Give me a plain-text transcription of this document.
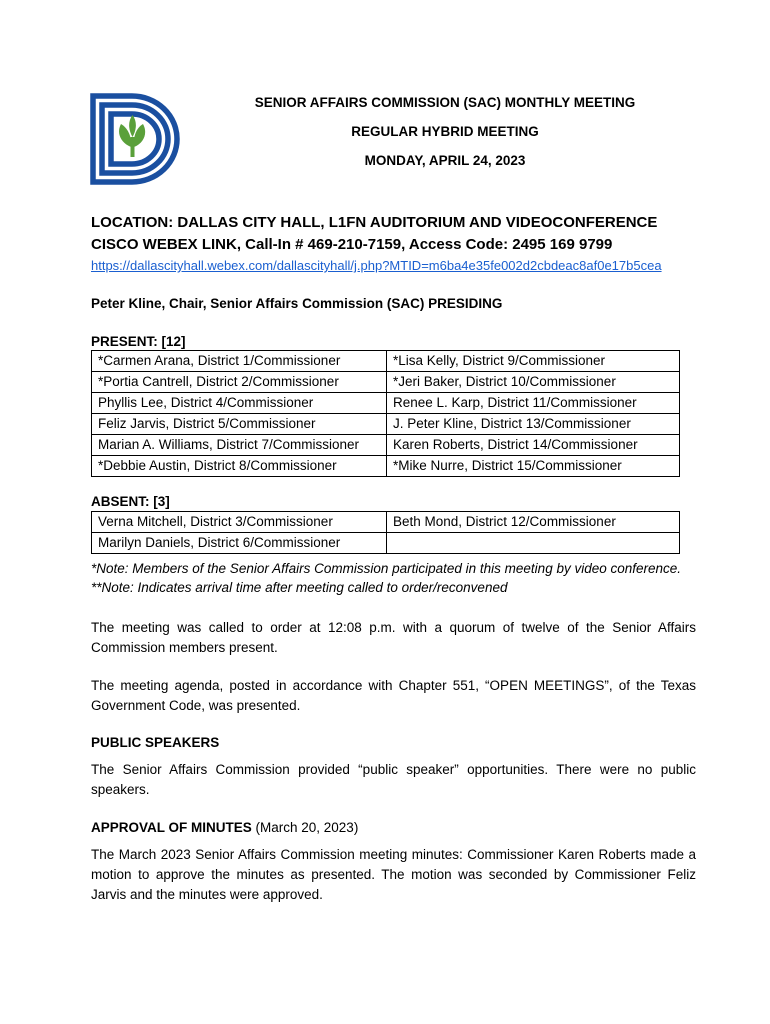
SENIOR AFFAIRS COMMISSION (SAC) MONTHLY MEETING
REGULAR HYBRID MEETING
MONDAY, APRIL 24, 2023
LOCATION: DALLAS CITY HALL, L1FN AUDITORIUM AND VIDEOCONFERENCE
CISCO WEBEX LINK, Call-In # 469-210-7159, Access Code: 2495 169 9799
https://dallascityhall.webex.com/dallascityhall/j.php?MTID=m6ba4e35fe002d2cbdeac8af0e17b5cea
Peter Kline, Chair, Senior Affairs Commission (SAC) PRESIDING
PRESENT: [12]
*Carmen Arana, District 1/Commissioner	*Lisa Kelly, District 9/Commissioner
*Portia Cantrell, District 2/Commissioner	*Jeri Baker, District 10/Commissioner
Phyllis Lee, District 4/Commissioner	Renee L. Karp, District 11/Commissioner
Feliz Jarvis, District 5/Commissioner	J. Peter Kline, District 13/Commissioner
Marian A. Williams, District 7/Commissioner	Karen Roberts, District 14/Commissioner
*Debbie Austin, District 8/Commissioner	*Mike Nurre, District 15/Commissioner
ABSENT: [3]
Verna Mitchell, District 3/Commissioner	Beth Mond, District 12/Commissioner
Marilyn Daniels, District 6/Commissioner	
*Note: Members of the Senior Affairs Commission participated in this meeting by video conference.
**Note: Indicates arrival time after meeting called to order/reconvened
The meeting was called to order at 12:08 p.m. with a quorum of twelve of the Senior Affairs Commission members present.
The meeting agenda, posted in accordance with Chapter 551, “OPEN MEETINGS”, of the Texas Government Code, was presented.
PUBLIC SPEAKERS
The Senior Affairs Commission provided “public speaker” opportunities. There were no public speakers.
APPROVAL OF MINUTES (March 20, 2023)
The March 2023 Senior Affairs Commission meeting minutes: Commissioner Karen Roberts made a motion to approve the minutes as presented. The motion was seconded by Commissioner Feliz Jarvis and the minutes were approved.
